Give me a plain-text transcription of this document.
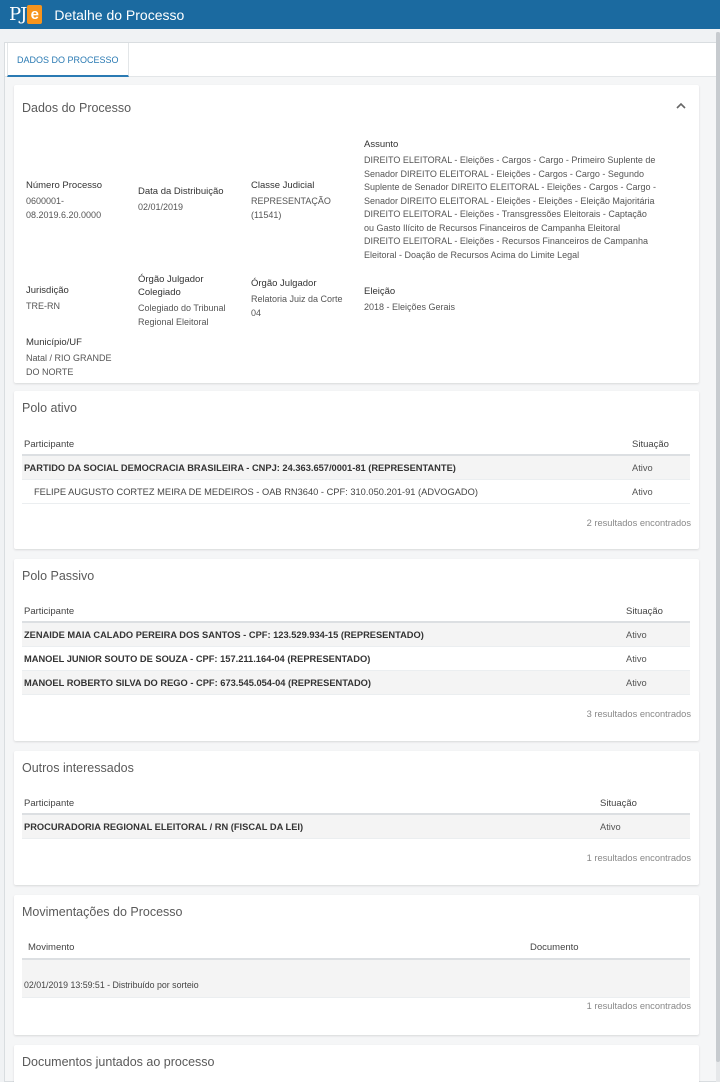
PJ e Detalhe do Processo
DADOS DO PROCESSO
Dados do Processo
Número Processo
0600001-08.2019.6.20.0000
Data da Distribuição
02/01/2019
Classe Judicial
REPRESENTAÇÃO (11541)
Assunto
DIREITO ELEITORAL - Eleições - Cargos - Cargo - Primeiro Suplente de Senador DIREITO ELEITORAL - Eleições - Cargos - Cargo - Segundo Suplente de Senador DIREITO ELEITORAL - Eleições - Cargos - Cargo - Senador DIREITO ELEITORAL - Eleições - Eleições - Eleição Majoritária DIREITO ELEITORAL - Eleições - Transgressões Eleitorais - Captação ou Gasto Ilícito de Recursos Financeiros de Campanha Eleitoral DIREITO ELEITORAL - Eleições - Recursos Financeiros de Campanha Eleitoral - Doação de Recursos Acima do Limite Legal
Jurisdição
TRE-RN
Órgão Julgador Colegiado
Colegiado do Tribunal Regional Eleitoral
Órgão Julgador
Relatoria Juiz da Corte 04
Eleição
2018 - Eleições Gerais
Município/UF
Natal / RIO GRANDE DO NORTE
Polo ativo
Participante	Situação
PARTIDO DA SOCIAL DEMOCRACIA BRASILEIRA - CNPJ: 24.363.657/0001-81 (REPRESENTANTE)	Ativo
FELIPE AUGUSTO CORTEZ MEIRA DE MEDEIROS - OAB RN3640 - CPF: 310.050.201-91 (ADVOGADO)	Ativo
2 resultados encontrados
Polo Passivo
Participante	Situação
ZENAIDE MAIA CALADO PEREIRA DOS SANTOS - CPF: 123.529.934-15 (REPRESENTADO)	Ativo
MANOEL JUNIOR SOUTO DE SOUZA - CPF: 157.211.164-04 (REPRESENTADO)	Ativo
MANOEL ROBERTO SILVA DO REGO - CPF: 673.545.054-04 (REPRESENTADO)	Ativo
3 resultados encontrados
Outros interessados
Participante	Situação
PROCURADORIA REGIONAL ELEITORAL / RN (FISCAL DA LEI)	Ativo
1 resultados encontrados
Movimentações do Processo
Movimento	Documento
02/01/2019 13:59:51 - Distribuído por sorteio
1 resultados encontrados
Documentos juntados ao processo
